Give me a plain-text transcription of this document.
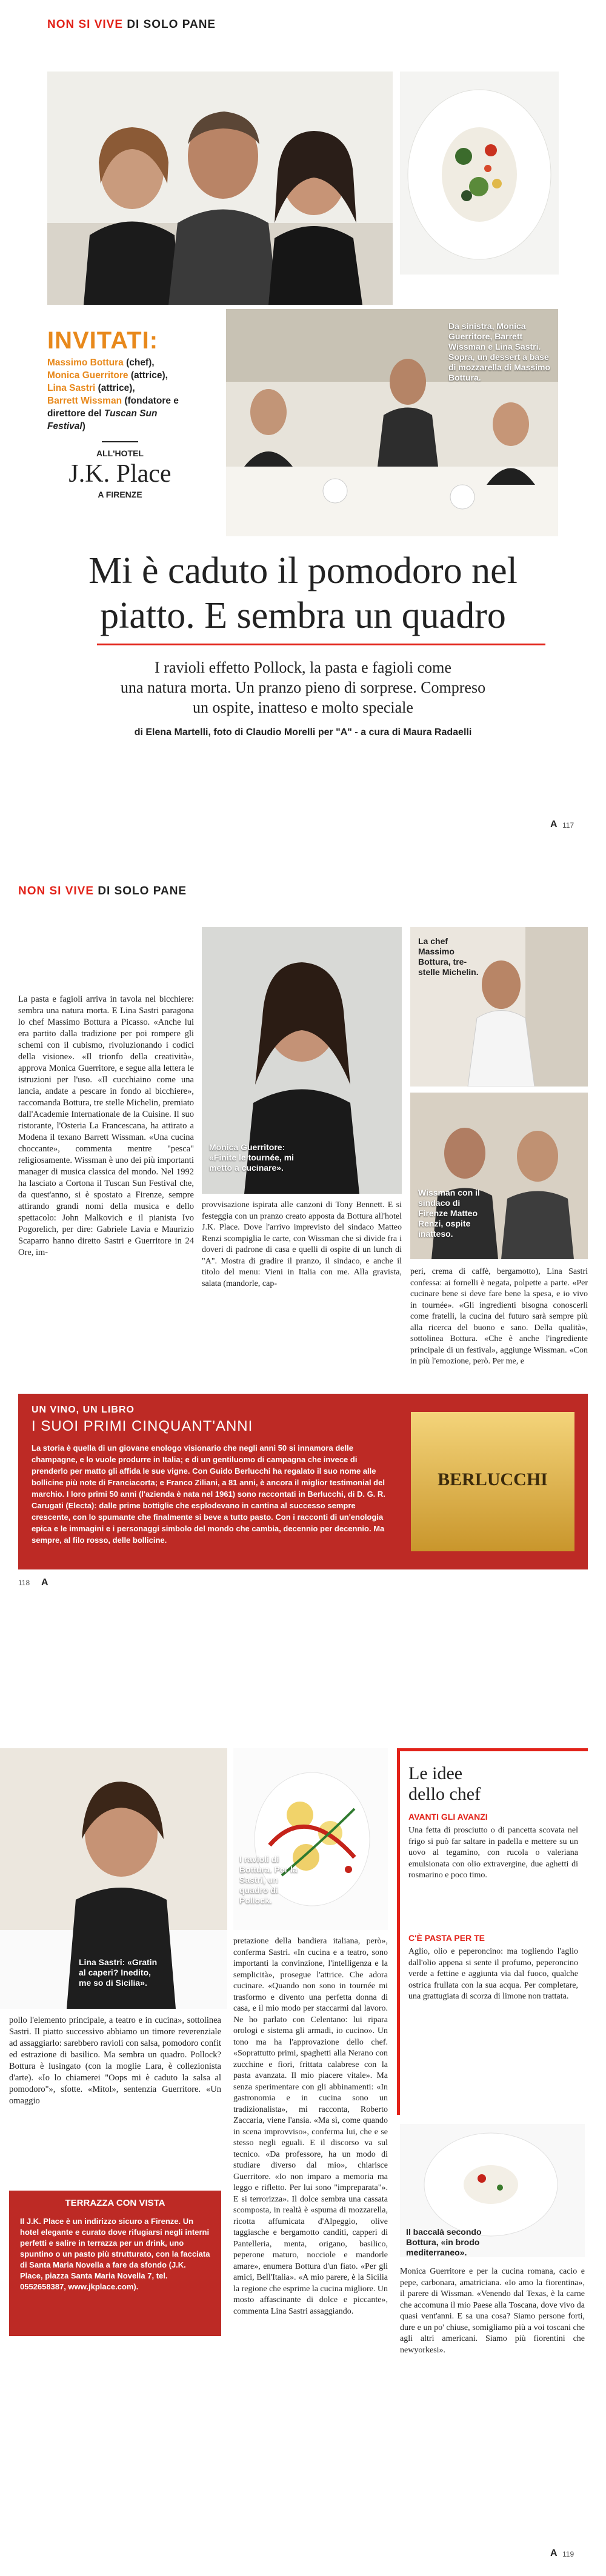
NON SI VIVE DI SOLO PANE
INVITATI:
Massimo Bottura (chef),
Monica Guerritore (attrice),
Lina Sastri (attrice),
Barrett Wissman (fondatore e direttore del Tuscan Sun Festival)
ALL'HOTEL
J.K. Place
A FIRENZE
Da sinistra, Monica Guerritore, Barrett Wissman e Lina Sastri. Sopra, un dessert a base di mozzarella di Massimo Bottura.
Mi è caduto il pomodoro nel
piatto. E sembra un quadro
I ravioli effetto Pollock, la pasta e fagioli come
una natura morta. Un pranzo pieno di sorprese. Compreso
un ospite, inatteso e molto speciale
di Elena Martelli, foto di Claudio Morelli per "A" - a cura di Maura Radaelli
A 117
NON SI VIVE DI SOLO PANE
Monica Guerritore: «Finite le tournée, mi metto a cucinare».
La chef Massimo Bottura, tre-stelle Michelin.
Wissman con il sindaco di Firenze Matteo Renzi, ospite inatteso.
La pasta e fagioli arriva in tavola nel bicchiere: sembra una natura morta. E Lina Sastri paragona lo chef Massimo Bottura a Picasso. «Anche lui era partito dalla tradizione per poi rompere gli schemi con il cubismo, rivoluzionando i codici della visione». «Il trionfo della creatività», approva Monica Guerritore, e segue alla lettera le istruzioni per l'uso. «Il cucchiaino come una lancia, andate a pescare in fondo al bicchiere», raccomanda Bottura, tre stelle Michelin, premiato dall'Academie Internationale de la Cuisine. Il suo ristorante, l'Osteria La Francescana, ha attirato a Modena il texano Barrett Wissman. «Una cucina choccante», commenta mentre "pesca" religiosamente. Wissman è uno dei più importanti manager di musica classica del mondo. Nel 1992 ha lasciato a Cortona il Tuscan Sun Festival che, da quest'anno, si è spostato a Firenze, sempre attirando grandi nomi della musica e dello spettacolo: John Malkovich e il pianista Ivo Pogorelich, per dire: Gabriele Lavia e Maurizio Scaparro hanno diretto Sastri e Guerritore in 24 Ore, im-
provvisazione ispirata alle canzoni di Tony Bennett. E si festeggia con un pranzo creato apposta da Bottura all'hotel J.K. Place. Dove l'arrivo imprevisto del sindaco Matteo Renzi scompiglia le carte, con Wissman che si divide fra i doveri di padrone di casa e quelli di ospite di un lunch di "A". Mostra di gradire il pranzo, il sindaco, e anche il titolo del menu: Vieni in Italia con me. Alla gravista, salata (mandorle, cap-
peri, crema di caffè, bergamotto), Lina Sastri confessa: ai fornelli è negata, polpette a parte. «Per cucinare bene si deve fare bene la spesa, e io vivo in tournée». «Gli ingredienti bisogna conoscerli come fratelli, la cucina del futuro sarà sempre più alla ricerca del buono e sano. Della qualità», sottolinea Bottura. «Che è anche l'ingrediente principale di un festival», aggiunge Wissman. «Con in più l'emozione, però. Per me, e
UN VINO, UN LIBRO
I SUOI PRIMI CINQUANT'ANNI
La storia è quella di un giovane enologo visionario che negli anni 50 si innamora delle champagne, e lo vuole produrre in Italia; e di un gentiluomo di campagna che invece di prenderlo per matto gli affida le sue vigne. Con Guido Berlucchi ha regalato il suo nome alle bollicine più note di Franciacorta; e Franco Ziliani, a 81 anni, è ancora il miglior testimonial del marchio. I loro primi 50 anni (l'azienda è nata nel 1961) sono raccontati in Berlucchi, di D. G. R. Carugati (Electa): dalle prime bottiglie che esplodevano in cantina al successo sempre crescente, con lo spumante che finalmente si beve a tutto pasto. Con i racconti di un'enologia epica e le immagini e i personaggi simbolo del mondo che cambia, decennio per decennio. Ma sempre, al filo rosso, delle bollicine.
BERLUCCHI
A
118
Lina Sastri: «Gratin al caperi? Inedito, me so di Sicilia».
I ravioli di Bottura. Per la Sastri, un quadro di Pollock.
pollo l'elemento principale, a teatro e in cucina», sottolinea Sastri. Il piatto successivo abbiamo un timore reverenziale ad assaggiarlo: sarebbero ravioli con salsa, pomodoro confit ed estrazione di basilico. Ma sembra un quadro. Pollock? Bottura è lusingato (con la moglie Lara, è collezionista d'arte). «Io lo chiamerei "Oops mi è caduto la salsa al pomodoro"», sfotte. «Mitol», sentenzia Guerritore. «Un omaggio
pretazione della bandiera italiana, però», conferma Sastri. «In cucina e a teatro, sono importanti la convinzione, l'intelligenza e la semplicità», prosegue l'attrice. Che adora cucinare. «Quando non sono in tournée mi trasformo e divento una perfetta donna di casa, e il mio modo per staccarmi dal lavoro. Ne ho parlato con Celentano: lui ripara orologi e sistema gli armadi, io cucino». Un tono ma ha l'approvazione dello chef. «Soprattutto primi, spaghetti alla Nerano con zucchine e fiori, frittata calabrese con la pasta avanzata. Il mio piacere vitale». Ma senza sperimentare con gli abbinamenti: «In gastronomia e in cucina sono un tradizionalista», mi racconta, Roberto Zaccaria, viene l'ansia. «Ma sì, come quando in scena improvviso», conferma lui, che e se stesso negli eguali. E il discorso va sul tecnico. «Da professore, ha un modo di studiare diverso dal mio», chiarisce Guerritore. «Io non imparo a memoria ma leggo e rifletto. Per lui sono "impreparata"». E si terrorizza». Il dolce sembra una cassata scomposta, in realtà è «spuma di mozzarella, ricotta affumicata d'Alpeggio, olive taggiasche e bergamotto canditi, capperi di Pantelleria, menta, origano, basilico, peperone maturo, nocciole e mandorle amare», enumera Bottura d'un fiato. «Per gli amici, Bell'Italia». «A mio parere, è la Sicilia la regione che esprime la cucina migliore. Un mosto affascinante di dolce e piccante», commenta Lina Sastri assaggiando.
TERRAZZA CON VISTA
Il J.K. Place è un indirizzo sicuro a Firenze. Un hotel elegante e curato dove rifugiarsi negli interni perfetti e salire in terrazza per un drink, uno spuntino o un pasto più strutturato, con la facciata di Santa Maria Novella a fare da sfondo (J.K. Place, piazza Santa Maria Novella 7, tel. 0552658387, www.jkplace.com).
Le idee
dello chef
AVANTI GLI AVANZI
Una fetta di prosciutto o di pancetta scovata nel frigo si può far saltare in padella e mettere su un uovo al tegamino, con rucola o valeriana emulsionata con olio extravergine, due aghetti di rosmarino e poco timo.
C'È PASTA PER TE
Aglio, olio e peperoncino: ma togliendo l'aglio dall'olio appena si sente il profumo, peperoncino verde a fettine e aggiunta via dal fuoco, qualche ostrica frullata con la sua acqua. Per completare, una grattugiata di scorza di limone non trattata.
Il baccalà secondo Bottura, «in brodo mediterraneo».
Monica Guerritore e per la cucina romana, cacio e pepe, carbonara, amatriciana. «Io amo la fiorentina», il parere di Wissman. «Venendo dal Texas, è la carne che accomuna il mio Paese alla Toscana, dove vivo da quasi vent'anni. E sa una cosa? Siamo persone forti, dure e un po' chiuse, somigliamo più a voi toscani che agli altri americani. Siamo più fiorentini che newyorkesi».
A 119
